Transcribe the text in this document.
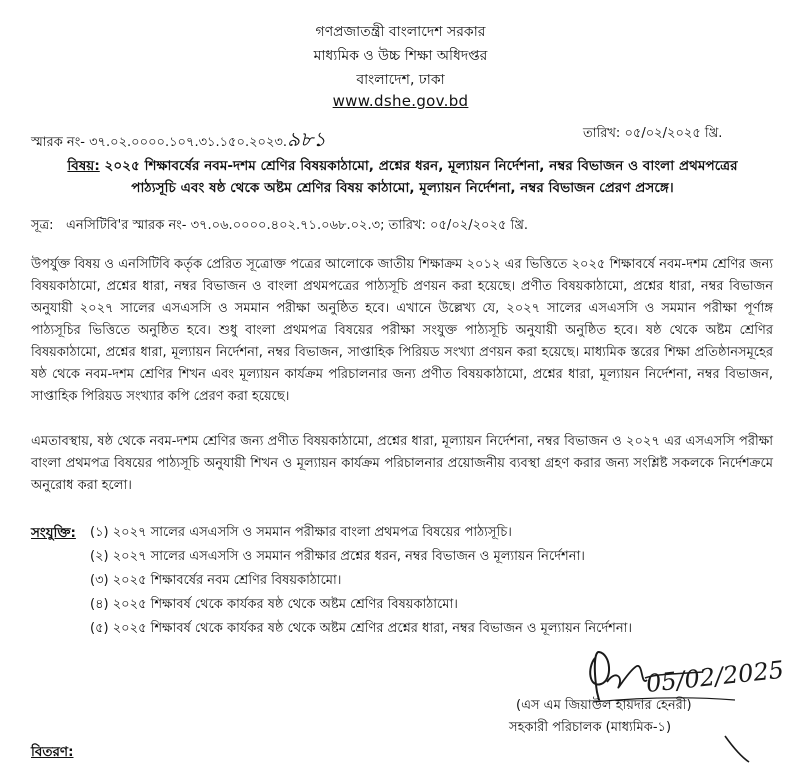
গণপ্রজাতন্ত্রী বাংলাদেশ সরকার
মাধ্যমিক ও উচ্চ শিক্ষা অধিদপ্তর
বাংলাদেশ, ঢাকা
www.dshe.gov.bd
স্মারক নং- ৩৭.০২.০০০০.১০৭.৩১.১৫০.২০২৩.৯৮১	তারিখ: ০৫/০২/২০২৫ খ্রি.
বিষয়: ২০২৫ শিক্ষাবর্ষের নবম-দশম শ্রেণির বিষয়কাঠামো, প্রশ্নের ধরন, মূল্যায়ন নির্দেশনা, নম্বর বিভাজন ও বাংলা প্রথমপত্রের
পাঠ্যসূচি এবং ষষ্ঠ থেকে অষ্টম শ্রেণির বিষয় কাঠামো, মূল্যায়ন নির্দেশনা, নম্বর বিভাজন প্রেরণ প্রসঙ্গে।
সূত্র: এনসিটিবি'র স্মারক নং- ৩৭.০৬.০০০০.৪০২.৭১.০৬৮.০২.৩; তারিখ: ০৫/০২/২০২৫ খ্রি.
উপর্যুক্ত বিষয় ও এনসিটিবি কর্তৃক প্রেরিত সূত্রোক্ত পত্রের আলোকে জাতীয় শিক্ষাক্রম ২০১২ এর ভিত্তিতে ২০২৫ শিক্ষাবর্ষে নবম-দশম শ্রেণির জন্য বিষয়কাঠামো, প্রশ্নের ধারা, নম্বর বিভাজন ও বাংলা প্রথমপত্রের পাঠ্যসূচি প্রণয়ন করা হয়েছে। প্রণীত বিষয়কাঠামো, প্রশ্নের ধারা, নম্বর বিভাজন অনুযায়ী ২০২৭ সালের এসএসসি ও সমমান পরীক্ষা অনুষ্ঠিত হবে। এখানে উল্লেখ্য যে, ২০২৭ সালের এসএসসি ও সমমান পরীক্ষা পূর্ণাঙ্গ পাঠ্যসূচির ভিত্তিতে অনুষ্ঠিত হবে। শুধু বাংলা প্রথমপত্র বিষয়ের পরীক্ষা সংযুক্ত পাঠ্যসূচি অনুযায়ী অনুষ্ঠিত হবে। ষষ্ঠ থেকে অষ্টম শ্রেণির বিষয়কাঠামো, প্রশ্নের ধারা, মূল্যায়ন নির্দেশনা, নম্বর বিভাজন, সাপ্তাহিক পিরিয়ড সংখ্যা প্রণয়ন করা হয়েছে। মাধ্যমিক স্তরের শিক্ষা প্রতিষ্ঠানসমূহের ষষ্ঠ থেকে নবম-দশম শ্রেণির শিখন এবং মূল্যায়ন কার্যক্রম পরিচালনার জন্য প্রণীত বিষয়কাঠামো, প্রশ্নের ধারা, মূল্যায়ন নির্দেশনা, নম্বর বিভাজন, সাপ্তাহিক পিরিয়ড সংখ্যার কপি প্রেরণ করা হয়েছে।
এমতাবস্থায়, ষষ্ঠ থেকে নবম-দশম শ্রেণির জন্য প্রণীত বিষয়কাঠামো, প্রশ্নের ধারা, মূল্যায়ন নির্দেশনা, নম্বর বিভাজন ও ২০২৭ এর এসএসসি পরীক্ষা বাংলা প্রথমপত্র বিষয়ের পাঠ্যসূচি অনুযায়ী শিখন ও মূল্যায়ন কার্যক্রম পরিচালনার প্রয়োজনীয় ব্যবস্থা গ্রহণ করার জন্য সংশ্লিষ্ট সকলকে নির্দেশক্রমে অনুরোধ করা হলো।
সংযুক্তি: (১) ২০২৭ সালের এসএসসি ও সমমান পরীক্ষার বাংলা প্রথমপত্র বিষয়ের পাঠ্যসূচি।
(২) ২০২৭ সালের এসএসসি ও সমমান পরীক্ষার প্রশ্নের ধরন, নম্বর বিভাজন ও মূল্যায়ন নির্দেশনা।
(৩) ২০২৫ শিক্ষাবর্ষের নবম শ্রেণির বিষয়কাঠামো।
(৪) ২০২৫ শিক্ষাবর্ষ থেকে কার্যকর ষষ্ঠ থেকে অষ্টম শ্রেণির বিষয়কাঠামো।
(৫) ২০২৫ শিক্ষাবর্ষ থেকে কার্যকর ষষ্ঠ থেকে অষ্টম শ্রেণির প্রশ্নের ধারা, নম্বর বিভাজন ও মূল্যায়ন নির্দেশনা।
05/02/2025
(এস এম জিয়াউল হায়দার হেনরী)
সহকারী পরিচালক (মাধ্যমিক-১)
বিতরণ:
